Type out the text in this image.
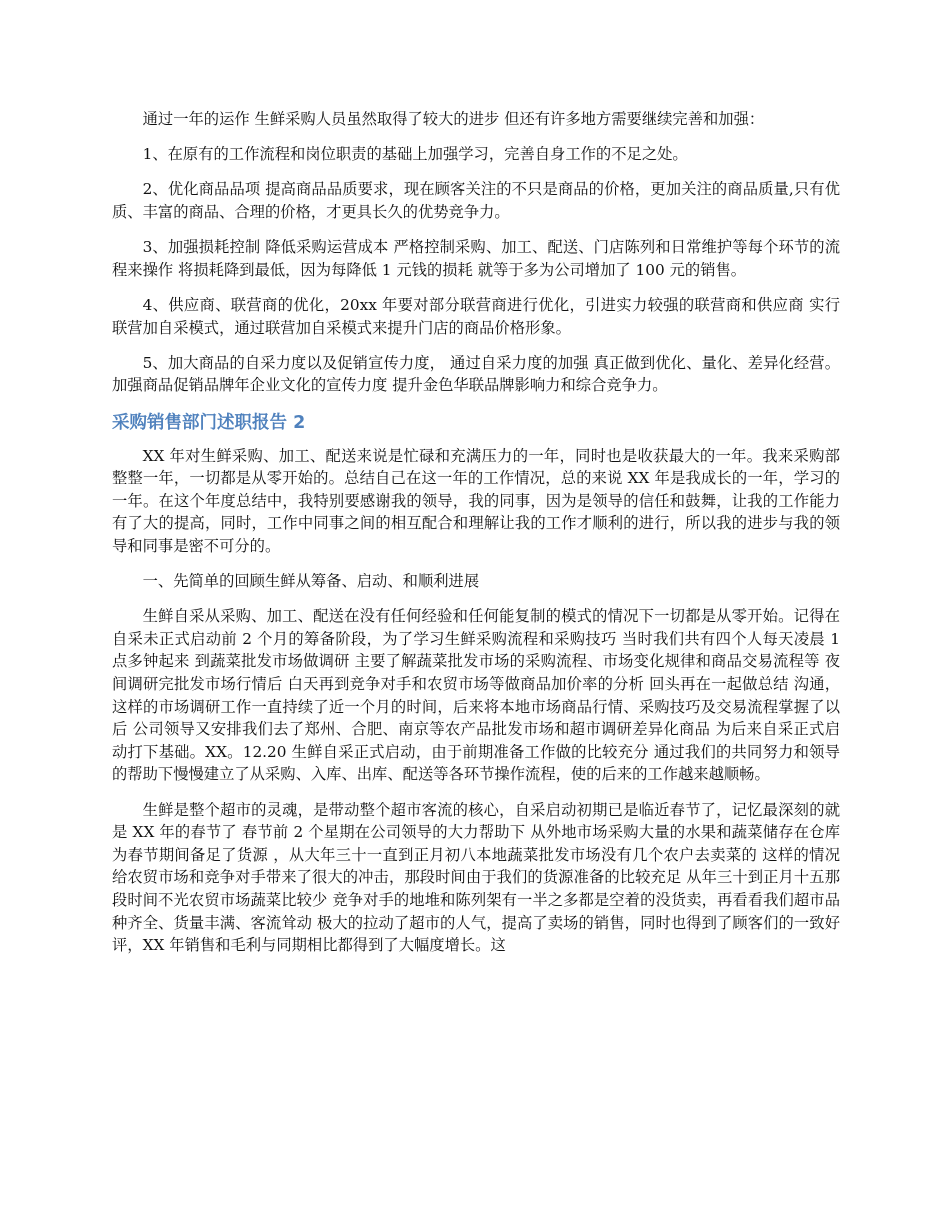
通过一年的运作 生鲜采购人员虽然取得了较大的进步 但还有许多地方需要继续完善和加强：

1、在原有的工作流程和岗位职责的基础上加强学习，完善自身工作的不足之处。

2、优化商品品项 提高商品品质要求，现在顾客关注的不只是商品的价格，更加关注的商品质量,只有优质、丰富的商品、合理的价格，才更具长久的优势竞争力。

3、加强损耗控制 降低采购运营成本 严格控制采购、加工、配送、门店陈列和日常维护等每个环节的流程来操作 将损耗降到最低，因为每降低 1 元钱的损耗 就等于多为公司增加了 100 元的销售。

4、供应商、联营商的优化，20xx 年要对部分联营商进行优化，引进实力较强的联营商和供应商 实行联营加自采模式，通过联营加自采模式来提升门店的商品价格形象。

5、加大商品的自采力度以及促销宣传力度， 通过自采力度的加强 真正做到优化、量化、差异化经营。加强商品促销品牌年企业文化的宣传力度 提升金色华联品牌影响力和综合竞争力。

采购销售部门述职报告 2

XX 年对生鲜采购、加工、配送来说是忙碌和充满压力的一年，同时也是收获最大的一年。我来采购部整整一年，一切都是从零开始的。总结自己在这一年的工作情况，总的来说 XX 年是我成长的一年，学习的一年。在这个年度总结中，我特别要感谢我的领导，我的同事，因为是领导的信任和鼓舞，让我的工作能力有了大的提高，同时，工作中同事之间的相互配合和理解让我的工作才顺利的进行，所以我的进步与我的领导和同事是密不可分的。

一、先简单的回顾生鲜从筹备、启动、和顺利进展

生鲜自采从采购、加工、配送在没有任何经验和任何能复制的模式的情况下一切都是从零开始。记得在自采未正式启动前 2 个月的筹备阶段，为了学习生鲜采购流程和采购技巧 当时我们共有四个人每天凌晨 1 点多钟起来 到蔬菜批发市场做调研 主要了解蔬菜批发市场的采购流程、市场变化规律和商品交易流程等 夜间调研完批发市场行情后 白天再到竞争对手和农贸市场等做商品加价率的分析 回头再在一起做总结 沟通，这样的市场调研工作一直持续了近一个月的时间，后来将本地市场商品行情、采购技巧及交易流程掌握了以后 公司领导又安排我们去了郑州、合肥、南京等农产品批发市场和超市调研差异化商品 为后来自采正式启动打下基础。XX。12.20 生鲜自采正式启动，由于前期准备工作做的比较充分 通过我们的共同努力和领导的帮助下慢慢建立了从采购、入库、出库、配送等各环节操作流程，使的后来的工作越来越顺畅。

生鲜是整个超市的灵魂，是带动整个超市客流的核心，自采启动初期已是临近春节了，记忆最深刻的就是 XX 年的春节了 春节前 2 个星期在公司领导的大力帮助下 从外地市场采购大量的水果和蔬菜储存在仓库 为春节期间备足了货源 ，从大年三十一直到正月初八本地蔬菜批发市场没有几个农户去卖菜的 这样的情况给农贸市场和竞争对手带来了很大的冲击，那段时间由于我们的货源准备的比较充足 从年三十到正月十五那段时间不光农贸市场蔬菜比较少 竞争对手的地堆和陈列架有一半之多都是空着的没货卖，再看看我们超市品种齐全、货量丰满、客流耸动 极大的拉动了超市的人气，提高了卖场的销售，同时也得到了顾客们的一致好评，XX 年销售和毛利与同期相比都得到了大幅度增长。这
